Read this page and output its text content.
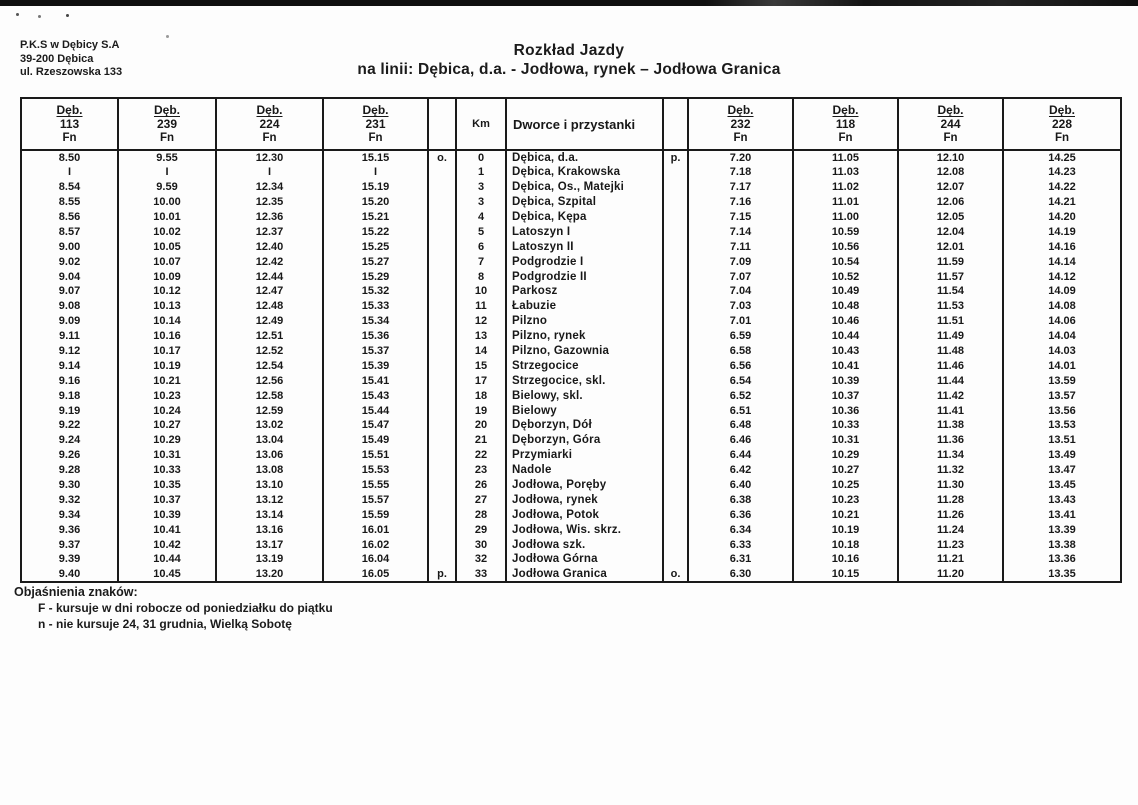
P.K.S w Dębicy S.A
39-200 Dębica
ul. Rzeszowska 133
Rozkład Jazdy
na linii: Dębica, d.a. - Jodłowa, rynek – Jodłowa Granica
Dęb.
113
Fn	Dęb.
239
Fn	Dęb.
224
Fn	Dęb.
231
Fn		Km	Dworce i przystanki		Dęb.
232
Fn	Dęb.
118
Fn	Dęb.
244
Fn	Dęb.
228
Fn

8.50	9.55	12.30	15.15	o.	0	Dębica, d.a.	p.	7.20	11.05	12.10	14.25
I	I	I	I		1	Dębica, Krakowska		7.18	11.03	12.08	14.23
8.54	9.59	12.34	15.19		3	Dębica, Os., Matejki		7.17	11.02	12.07	14.22
8.55	10.00	12.35	15.20		3	Dębica, Szpital		7.16	11.01	12.06	14.21
8.56	10.01	12.36	15.21		4	Dębica, Kępa		7.15	11.00	12.05	14.20
8.57	10.02	12.37	15.22		5	Latoszyn I		7.14	10.59	12.04	14.19
9.00	10.05	12.40	15.25		6	Latoszyn II		7.11	10.56	12.01	14.16
9.02	10.07	12.42	15.27		7	Podgrodzie I		7.09	10.54	11.59	14.14
9.04	10.09	12.44	15.29		8	Podgrodzie II		7.07	10.52	11.57	14.12
9.07	10.12	12.47	15.32		10	Parkosz		7.04	10.49	11.54	14.09
9.08	10.13	12.48	15.33		11	Łabuzie		7.03	10.48	11.53	14.08
9.09	10.14	12.49	15.34		12	Pilzno		7.01	10.46	11.51	14.06
9.11	10.16	12.51	15.36		13	Pilzno, rynek		6.59	10.44	11.49	14.04
9.12	10.17	12.52	15.37		14	Pilzno, Gazownia		6.58	10.43	11.48	14.03
9.14	10.19	12.54	15.39		15	Strzegocice		6.56	10.41	11.46	14.01
9.16	10.21	12.56	15.41		17	Strzegocice, skl.		6.54	10.39	11.44	13.59
9.18	10.23	12.58	15.43		18	Bielowy, skl.		6.52	10.37	11.42	13.57
9.19	10.24	12.59	15.44		19	Bielowy		6.51	10.36	11.41	13.56
9.22	10.27	13.02	15.47		20	Dęborzyn, Dół		6.48	10.33	11.38	13.53
9.24	10.29	13.04	15.49		21	Dęborzyn, Góra		6.46	10.31	11.36	13.51
9.26	10.31	13.06	15.51		22	Przymiarki		6.44	10.29	11.34	13.49
9.28	10.33	13.08	15.53		23	Nadole		6.42	10.27	11.32	13.47
9.30	10.35	13.10	15.55		26	Jodłowa, Poręby		6.40	10.25	11.30	13.45
9.32	10.37	13.12	15.57		27	Jodłowa, rynek		6.38	10.23	11.28	13.43
9.34	10.39	13.14	15.59		28	Jodłowa, Potok		6.36	10.21	11.26	13.41
9.36	10.41	13.16	16.01		29	Jodłowa, Wis. skrz.		6.34	10.19	11.24	13.39
9.37	10.42	13.17	16.02		30	Jodłowa szk.		6.33	10.18	11.23	13.38
9.39	10.44	13.19	16.04		32	Jodłowa Górna		6.31	10.16	11.21	13.36
9.40	10.45	13.20	16.05	p.	33	Jodłowa Granica	o.	6.30	10.15	11.20	13.35
Objaśnienia znaków:
F - kursuje w dni robocze od poniedziałku do piątku
n - nie kursuje 24, 31 grudnia, Wielką Sobotę
